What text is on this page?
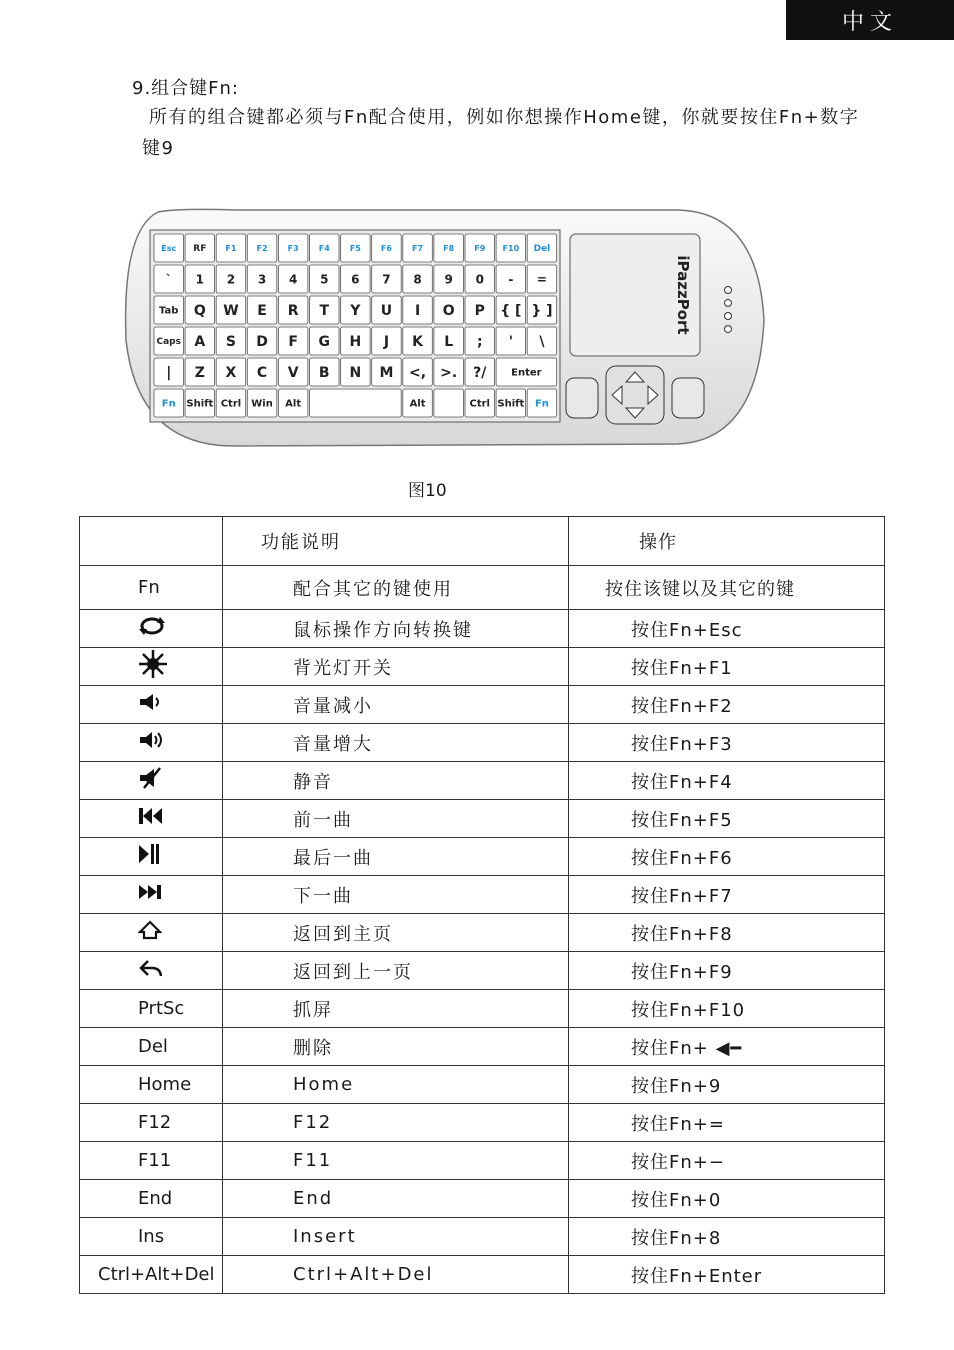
中文
9.组合键Fn:
所有的组合键都必须与Fn配合使用，例如你想操作Home键，你就要按住Fn+数字
键9
Esc RF F1	F2	F3	F4	F5	F6	F7	F8	F9 F10 Del
` 1 2 3 4 5 6 7 8 9 0 - =
Tab Q W E R T Y U I O P { [ } ]
Caps A S D F G H J K L ; ' \
| Z X C V B N M <, >. ?/ Enter
Fn Shift Ctrl Win Alt	Alt	Ctrl Shift Fn
iPazzPort
图10
	功能说明	操作
Fn	配合其它的键使用	按住该键以及其它的键
	鼠标操作方向转换键	按住Fn+Esc
	背光灯开关	按住Fn+F1
	音量减小	按住Fn+F2
	音量增大	按住Fn+F3
	静音	按住Fn+F4
	前一曲	按住Fn+F5
	最后一曲	按住Fn+F6
	下一曲	按住Fn+F7
	返回到主页	按住Fn+F8
	返回到上一页	按住Fn+F9
PrtSc	抓屏	按住Fn+F10
Del	删除	按住Fn+ ◀━
Home	Home	按住Fn+9
F12	F12	按住Fn+=
F11	F11	按住Fn+−
End	End	按住Fn+0
Ins	Insert	按住Fn+8
Ctrl+Alt+Del	Ctrl+Alt+Del	按住Fn+Enter
